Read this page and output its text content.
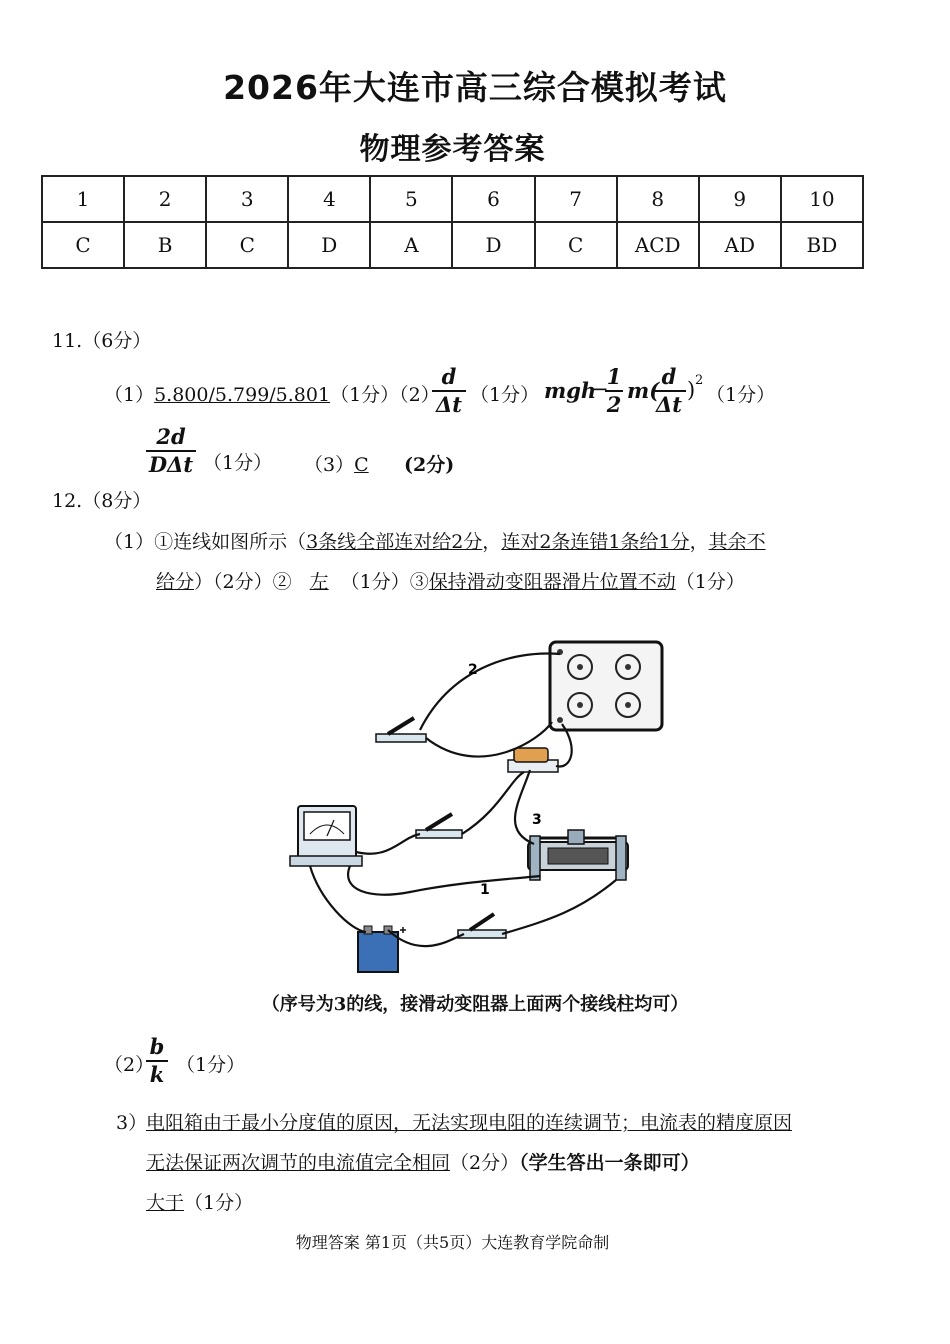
2026年大连市高三综合模拟考试
物理参考答案
1	2	3	4	5	6	7	8	9	10
C	B	C	D	A	D	C	ACD	AD	BD
11.（6分）
（1）5.800/5.799/5.801（1分）（2）
d
Δt （1分） mgh
−
1
2
m(
d
Δt
) 2
（1分）
2d
DΔt （1分） （3）C (2分)
12.（8分）
（1）①连线如图所示（3条线全部连对给2分，连对2条连错1条给1分，其余不
给分）（2分）② 左 （1分）③保持滑动变阻器滑片位置不动（1分）
2
3
1
（序号为3的线，接滑动变阻器上面两个接线柱均可）
（2）
b
k （1分）
3）
电阻箱由于最小分度值的原因，无法实现电阻的连续调节；电流表的精度原因
无法保证两次调节的电流值完全相同（2分）（学生答出一条即可）
大于（1分）
物理答案 第1页（共5页）大连教育学院命制
